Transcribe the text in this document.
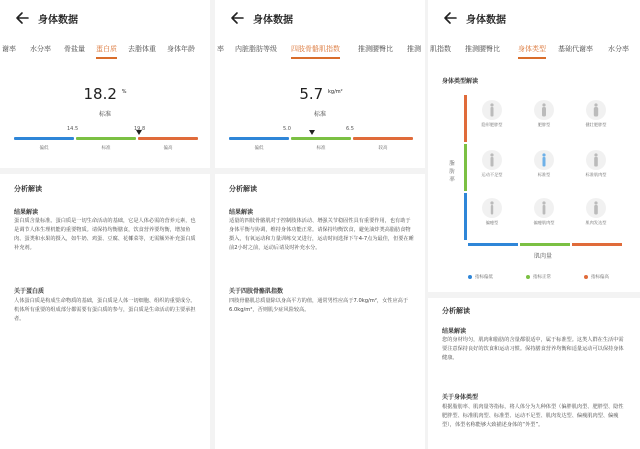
身体数据
谢率 水分率 骨盐量 蛋白质 去脂体重 身体年龄
18.2 %
标准
14.5	19.8
偏低	标准	偏高
分析解读
结果解读
蛋白质含量标准。蛋白质是一切生命活动的基础，它是人体必需的营养元素，也是调节人体生理机能的重要物质。请保持均衡膳食，饮食营养要均衡，增加鱼肉、蛋类和水果的摄入，如牛奶、鸡蛋、豆腐、花椰菜等，无需额外补充蛋白质补充剂。
关于蛋白质
人体蛋白质是构成生命物质的基础，蛋白质是人体一切细胞、组织的重要成分。机体所有重要的组成部分都需要有蛋白质的参与，蛋白质是生命活动的主要承担者。
身体数据
率 内脏脂肪等级 四肢骨骼肌指数	推测腰臀比 推测
5.7 $^{kg/m^2}$
标准
5.0	6.5
偏低	标准	较高
分析解读
结果解读
适量的四肢骨骼肌对于控制肢体活动、增强关节稳固性具有重要作用，也有助于身体平衡与协调，维持身体功能正常。请保持均衡饮食，避免油炸类高脂肪食物摄入，有氧运动和力量训练交叉进行，运动时间选择下午4-7点为最佳，但要在睡前2小时之前，运动后请及时补充水分。
关于四肢骨骼肌指数
四肢骨骼肌总质量除以身高平方的值，通常男性应高于7.0kg/m²，女性应高于6.0kg/m²，否则肌少症风险较高。
身体数据
肌指数 推测腰臀比	身体类型 基础代谢率 水分率
身体类型解读
脂肪率
肌肉量
隐形肥胖型	肥胖型	健壮肥胖型
运动不足型	标准型	标准肌肉型
偏瘦型	偏瘦肌肉型	肌肉发达型
指标偏低	指标正常	指标偏高
分析解读
结果解读
您的身材均匀，肌肉和脂肪的含量都很适中，属于标准型。这类人群在生活中需要注意保持良好的饮食和运动习惯。保持膳食营养均衡和适量运动可以保持身体健康。
关于身体类型
根据脂肪率、肌肉量等指标，将人体分为九种体型（偏胖肌肉型、肥胖型、隐性肥胖型、标准肌肉型、标准型、运动不足型、肌肉发达型、偏瘦肌肉型、偏瘦型），体型名称能够大致描述身体的“外型”。
